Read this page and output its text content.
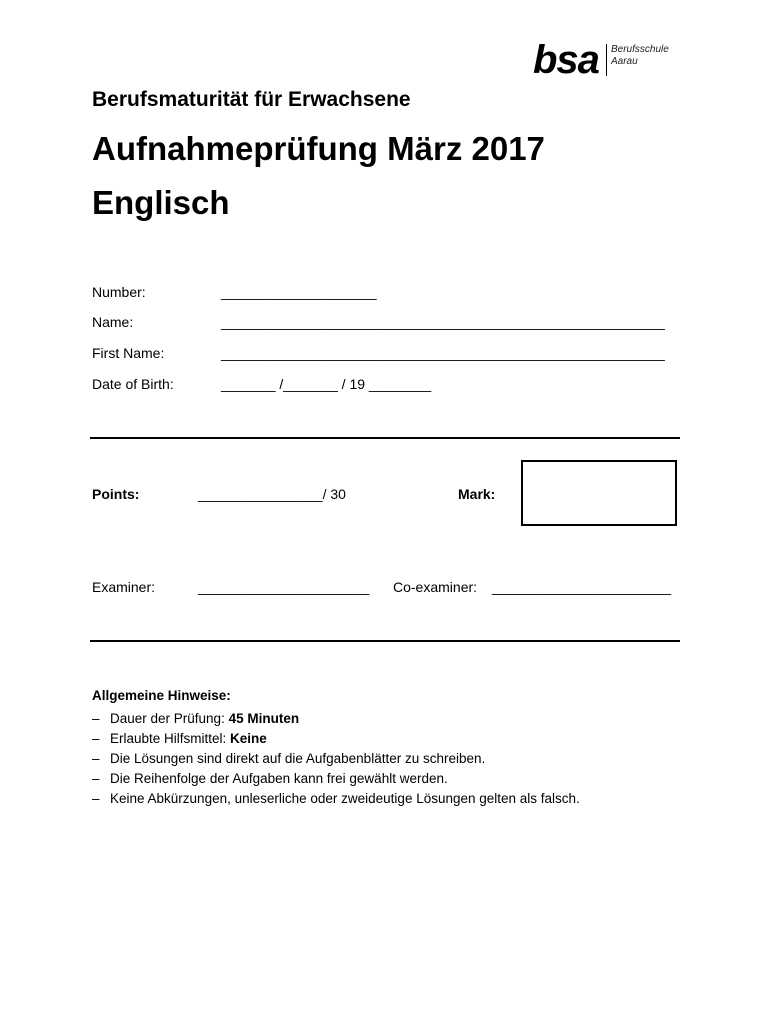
bsa Berufsschule
Aarau
Berufsmaturität für Erwachsene
Aufnahmeprüfung März 2017
Englisch
Number:	____________________
Name:	_________________________________________________________
First Name:	_________________________________________________________
Date of Birth:	_______ /_______ / 19 ________
Points:	________________/ 30	Mark:
Examiner:	______________________ Co-examiner: _______________________
Allgemeine Hinweise:
– Dauer der Prüfung: 45 Minuten
– Erlaubte Hilfsmittel: Keine
– Die Lösungen sind direkt auf die Aufgabenblätter zu schreiben.
– Die Reihenfolge der Aufgaben kann frei gewählt werden.
– Keine Abkürzungen, unleserliche oder zweideutige Lösungen gelten als falsch.
